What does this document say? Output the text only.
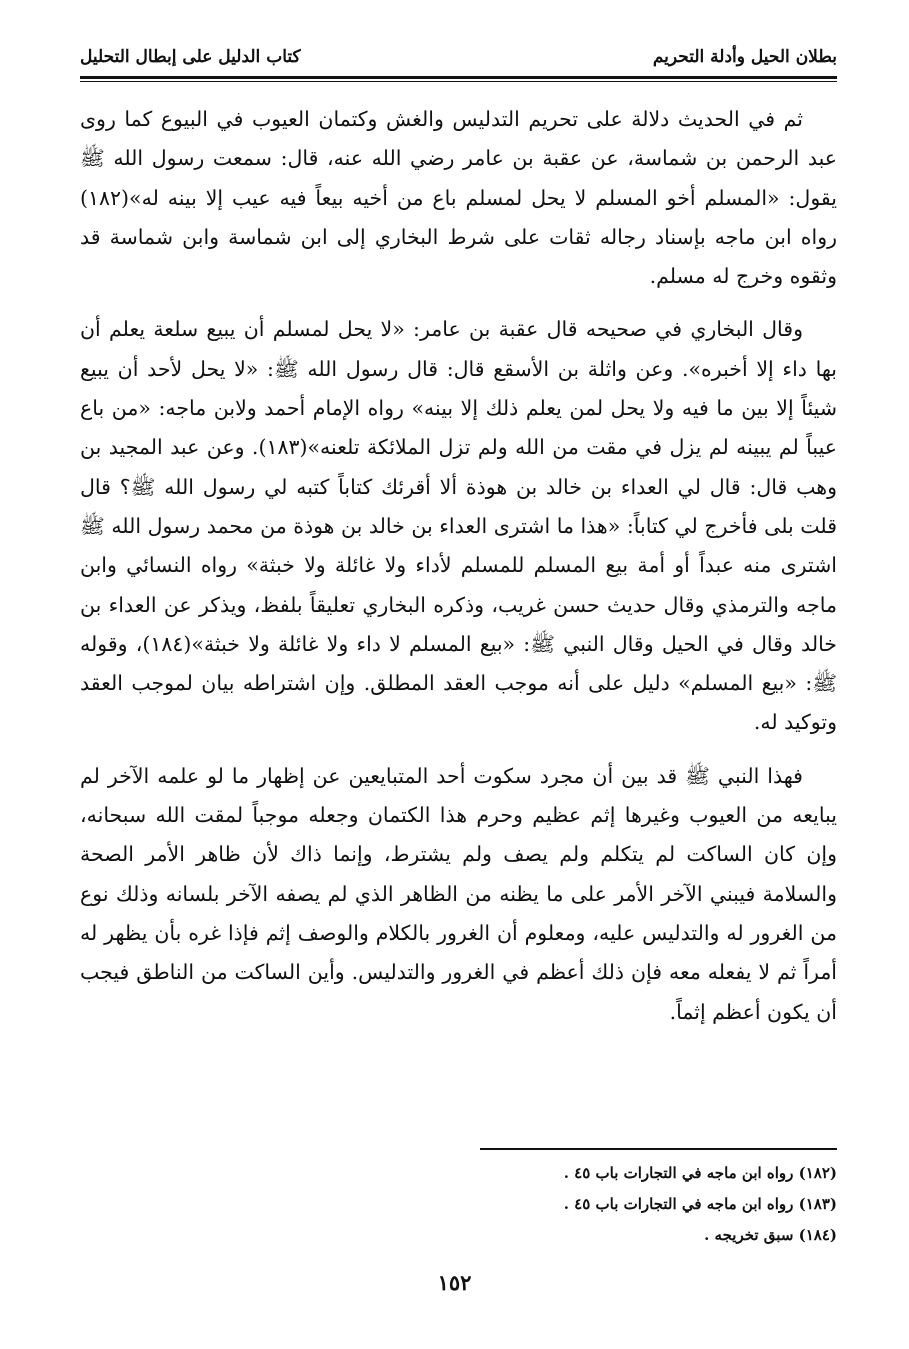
بطلان الحيل وأدلة التحريم
كتاب الدليل على إبطال التحليل

ثم في الحديث دلالة على تحريم التدليس والغش وكتمان العيوب في البيوع كما روى عبد الرحمن بن شماسة، عن عقبة بن عامر رضي الله عنه، قال: سمعت رسول الله ﷺ يقول: «المسلم أخو المسلم لا يحل لمسلم باع من أخيه بيعاً فيه عيب إلا بينه له»(١٨٢) رواه ابن ماجه بإسناد رجاله ثقات على شرط البخاري إلى ابن شماسة وابن شماسة قد وثقوه وخرج له مسلم.

وقال البخاري في صحيحه قال عقبة بن عامر: «لا يحل لمسلم أن يبيع سلعة يعلم أن بها داء إلا أخبره». وعن واثلة بن الأسقع قال: قال رسول الله ﷺ: «لا يحل لأحد أن يبيع شيئاً إلا بين ما فيه ولا يحل لمن يعلم ذلك إلا بينه» رواه الإمام أحمد ولابن ماجه: «من باع عيباً لم يبينه لم يزل في مقت من الله ولم تزل الملائكة تلعنه»(١٨٣). وعن عبد المجيد بن وهب قال: قال لي العداء بن خالد بن هوذة ألا أقرئك كتاباً كتبه لي رسول الله ﷺ؟ قال قلت بلى فأخرج لي كتاباً: «هذا ما اشترى العداء بن خالد بن هوذة من محمد رسول الله ﷺ اشترى منه عبداً أو أمة بيع المسلم للمسلم لأداء ولا غائلة ولا خبثة» رواه النسائي وابن ماجه والترمذي وقال حديث حسن غريب، وذكره البخاري تعليقاً بلفظ، ويذكر عن العداء بن خالد وقال في الحيل وقال النبي ﷺ: «بيع المسلم لا داء ولا غائلة ولا خبثة»(١٨٤)، وقوله ﷺ: «بيع المسلم» دليل على أنه موجب العقد المطلق. وإن اشتراطه بيان لموجب العقد وتوكيد له.

فهذا النبي ﷺ قد بين أن مجرد سكوت أحد المتبايعين عن إظهار ما لو علمه الآخر لم يبايعه من العيوب وغيرها إثم عظيم وحرم هذا الكتمان وجعله موجباً لمقت الله سبحانه، وإن كان الساكت لم يتكلم ولم يصف ولم يشترط، وإنما ذاك لأن ظاهر الأمر الصحة والسلامة فيبني الآخر الأمر على ما يظنه من الظاهر الذي لم يصفه الآخر بلسانه وذلك نوع من الغرور له والتدليس عليه، ومعلوم أن الغرور بالكلام والوصف إثم فإذا غره بأن يظهر له أمراً ثم لا يفعله معه فإن ذلك أعظم في الغرور والتدليس. وأين الساكت من الناطق فيجب أن يكون أعظم إثماً.

(١٨٢) رواه ابن ماجه في التجارات باب ٤٥ .
(١٨٣) رواه ابن ماجه في التجارات باب ٤٥ .
(١٨٤) سبق تخريجه .
١٥٢
